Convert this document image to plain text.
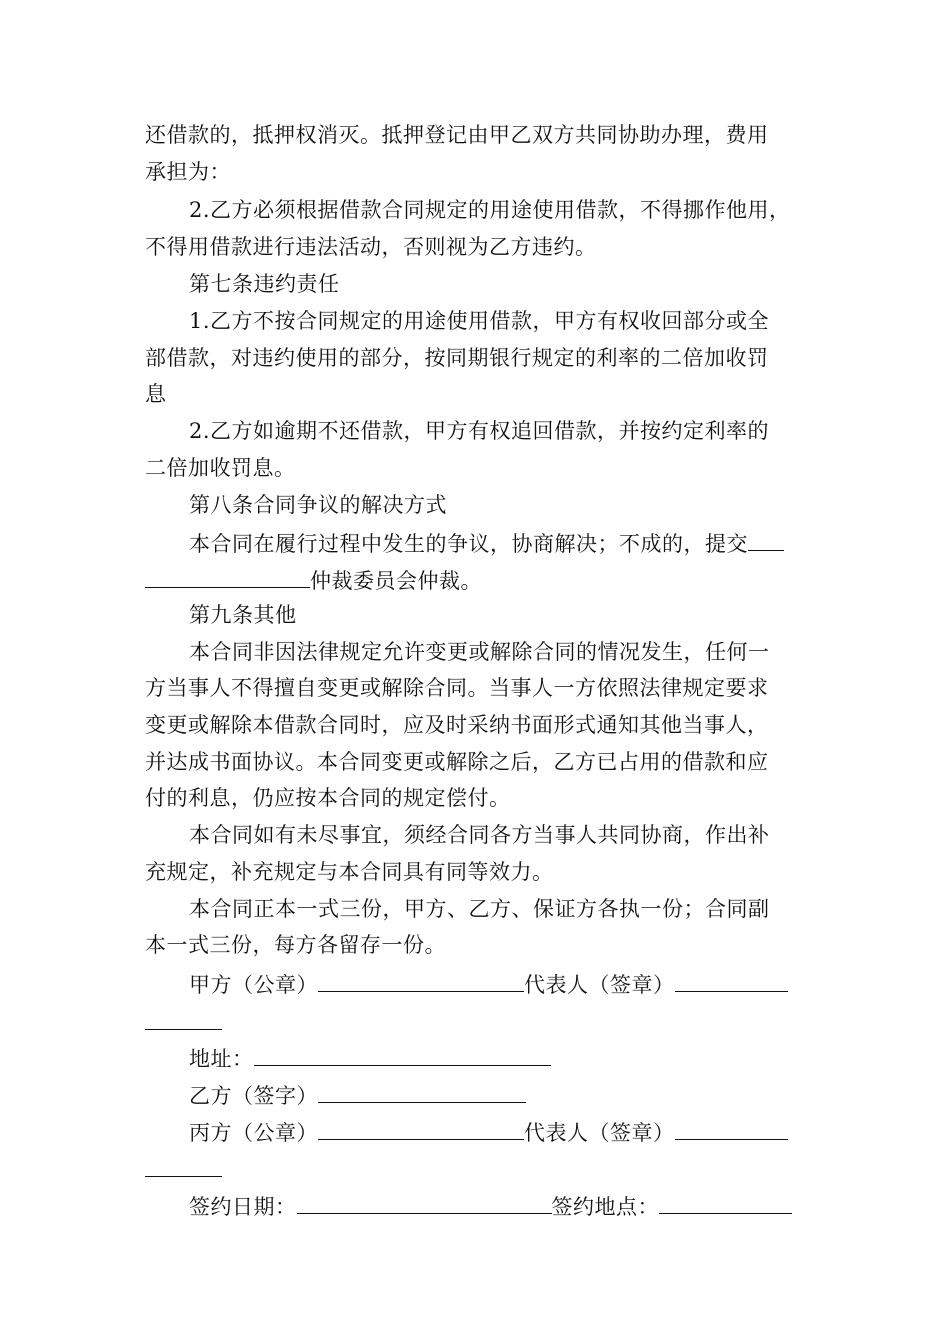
还借款的，抵押权消灭。抵押登记由甲乙双方共同协助办理，费用
承担为：
2.乙方必须根据借款合同规定的用途使用借款，不得挪作他用，
不得用借款进行违法活动，否则视为乙方违约。
第七条违约责任
1.乙方不按合同规定的用途使用借款，甲方有权收回部分或全
部借款，对违约使用的部分，按同期银行规定的利率的二倍加收罚
息
2.乙方如逾期不还借款，甲方有权追回借款，并按约定利率的
二倍加收罚息。
第八条合同争议的解决方式
本合同在履行过程中发生的争议，协商解决；不成的，提交
仲裁委员会仲裁。
第九条其他
本合同非因法律规定允许变更或解除合同的情况发生，任何一
方当事人不得擅自变更或解除合同。当事人一方依照法律规定要求
变更或解除本借款合同时，应及时采纳书面形式通知其他当事人，
并达成书面协议。本合同变更或解除之后，乙方已占用的借款和应
付的利息，仍应按本合同的规定偿付。
本合同如有未尽事宜，须经合同各方当事人共同协商，作出补
充规定，补充规定与本合同具有同等效力。
本合同正本一式三份，甲方、乙方、保证方各执一份；合同副
本一式三份，每方各留存一份。
甲方（公章）	代表人（签章）
地址：
乙方（签字）
丙方（公章）	代表人（签章）
签约日期：	签约地点：
